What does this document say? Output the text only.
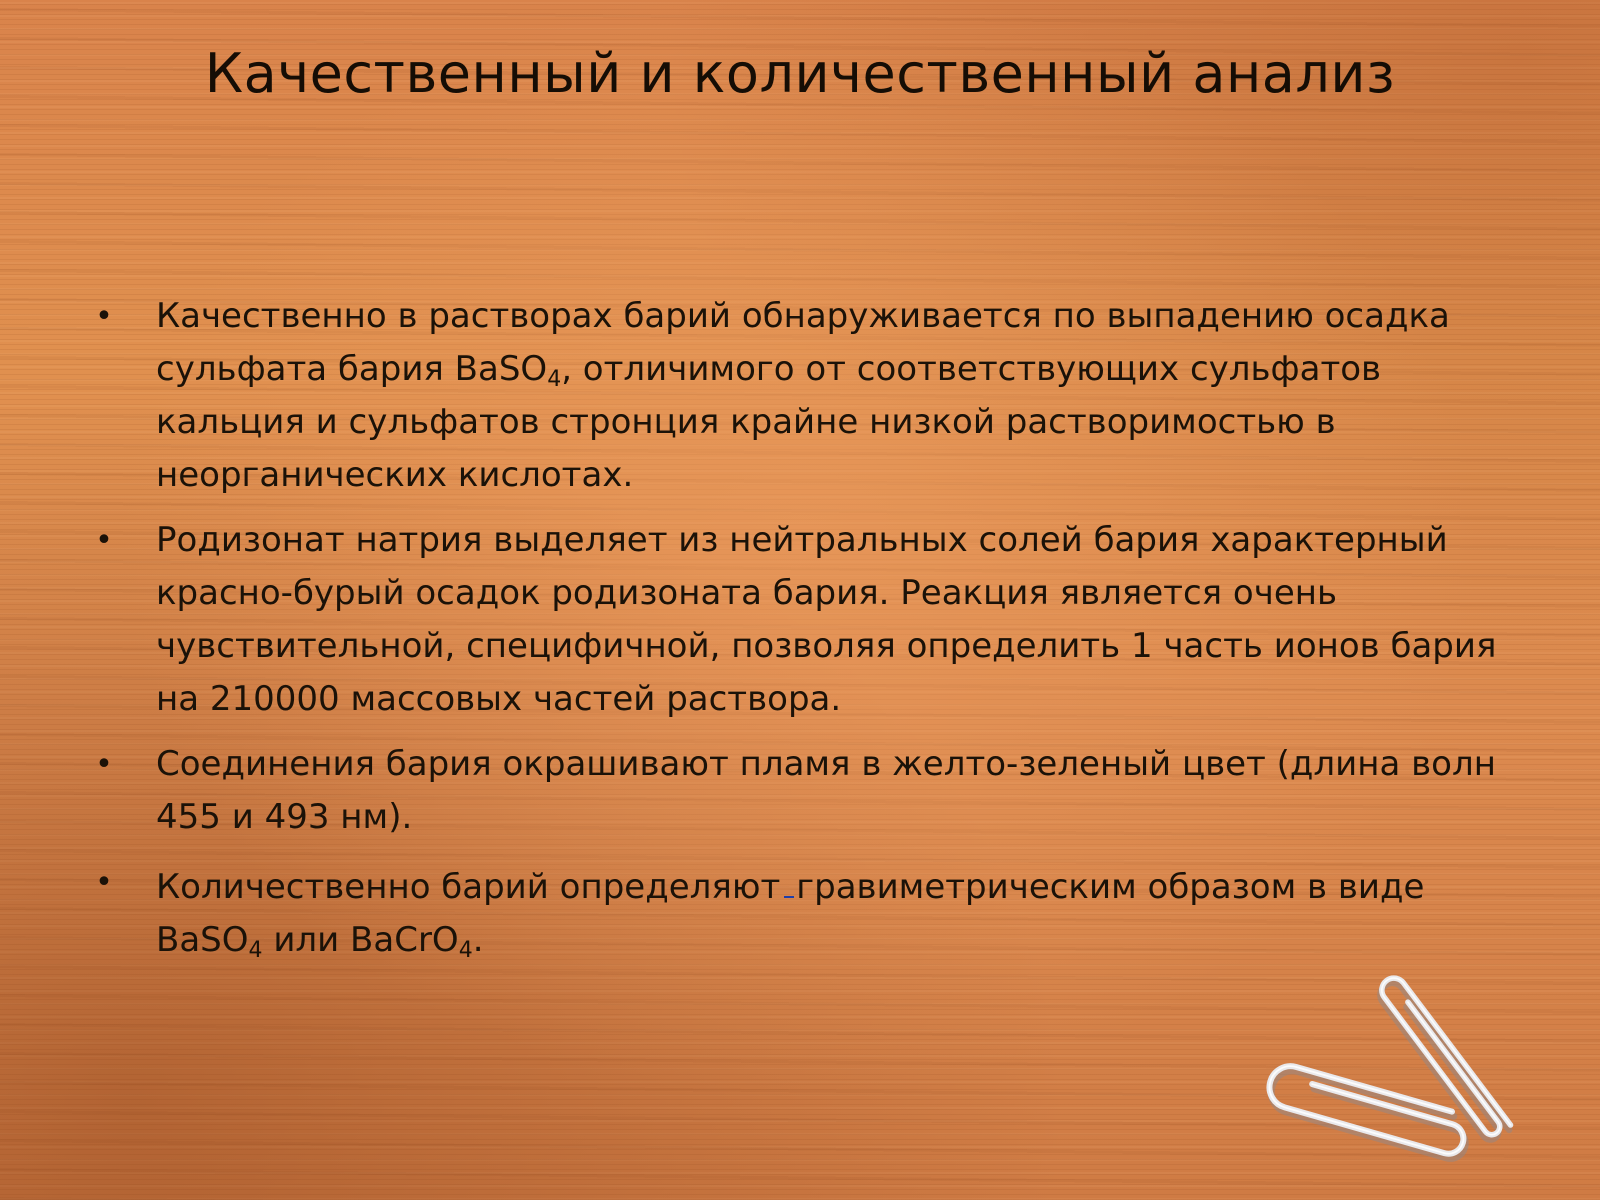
Качественный и количественный анализ
• Качественно в растворах барий обнаруживается по выпадению осадка сульфата бария BaSO$_4$, отличимого от соответствующих сульфатов кальция и сульфатов стронция крайне низкой растворимостью в неорганических кислотах.
• Родизонат натрия выделяет из нейтральных солей бария характерный красно-бурый осадок родизоната бария. Реакция является очень чувствительной, специфичной, позволяя определить 1 часть ионов бария на 210000 массовых частей раствора.
• Соединения бария окрашивают пламя в желто-зеленый цвет (длина волн 455 и 493 нм).
• Количественно барий определяют гравиметрическим образом в виде BaSO$_4$ или BaCrO$_4$.
